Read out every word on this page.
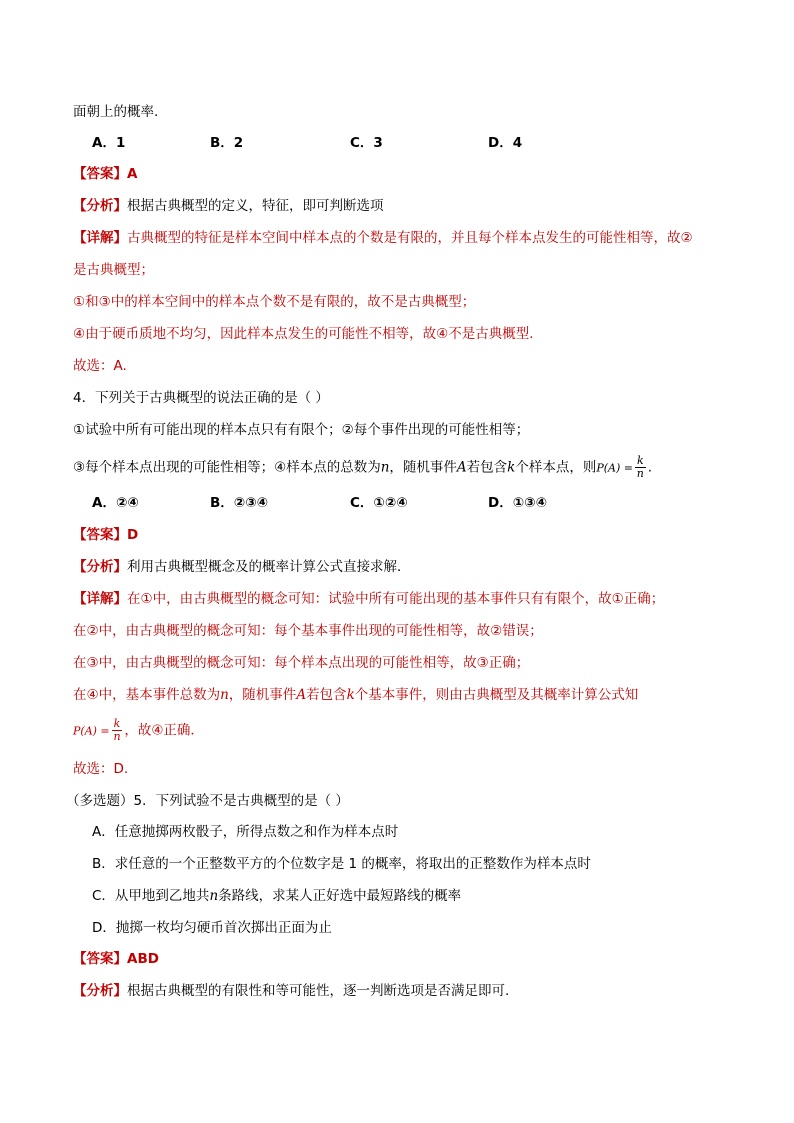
面朝上的概率.
A．1	B．2	C．3	D．4
【答案】A
【分析】根据古典概型的定义，特征，即可判断选项
【详解】古典概型的特征是样本空间中样本点的个数是有限的，并且每个样本点发生的可能性相等，故②
是古典概型；
①和③中的样本空间中的样本点个数不是有限的，故不是古典概型；
④由于硬币质地不均匀，因此样本点发生的可能性不相等，故④不是古典概型.
故选：A.
4．下列关于古典概型的说法正确的是（ ）
①试验中所有可能出现的样本点只有有限个；②每个事件出现的可能性相等；
③每个样本点出现的可能性相等；④样本点的总数为n，随机事件A若包含k个样本点，则$P(A) = \frac{k}{n}$ .
A．②④	B．②③④	C．①②④	D．①③④
【答案】D
【分析】利用古典概型概念及的概率计算公式直接求解．
【详解】在①中，由古典概型的概念可知：试验中所有可能出现的基本事件只有有限个，故①正确；
在②中，由古典概型的概念可知：每个基本事件出现的可能性相等，故②错误；
在③中，由古典概型的概念可知：每个样本点出现的可能性相等，故③正确；
在④中，基本事件总数为n，随机事件A若包含k个基本事件，则由古典概型及其概率计算公式知
$P(A) = \frac{k}{n}$ ，故④正确．
故选：D.
（多选题）5．下列试验不是古典概型的是（ ）
A．任意抛掷两枚骰子，所得点数之和作为样本点时
B．求任意的一个正整数平方的个位数字是 1 的概率，将取出的正整数作为样本点时
C．从甲地到乙地共n条路线，求某人正好选中最短路线的概率
D．抛掷一枚均匀硬币首次掷出正面为止
【答案】ABD
【分析】根据古典概型的有限性和等可能性，逐一判断选项是否满足即可.
